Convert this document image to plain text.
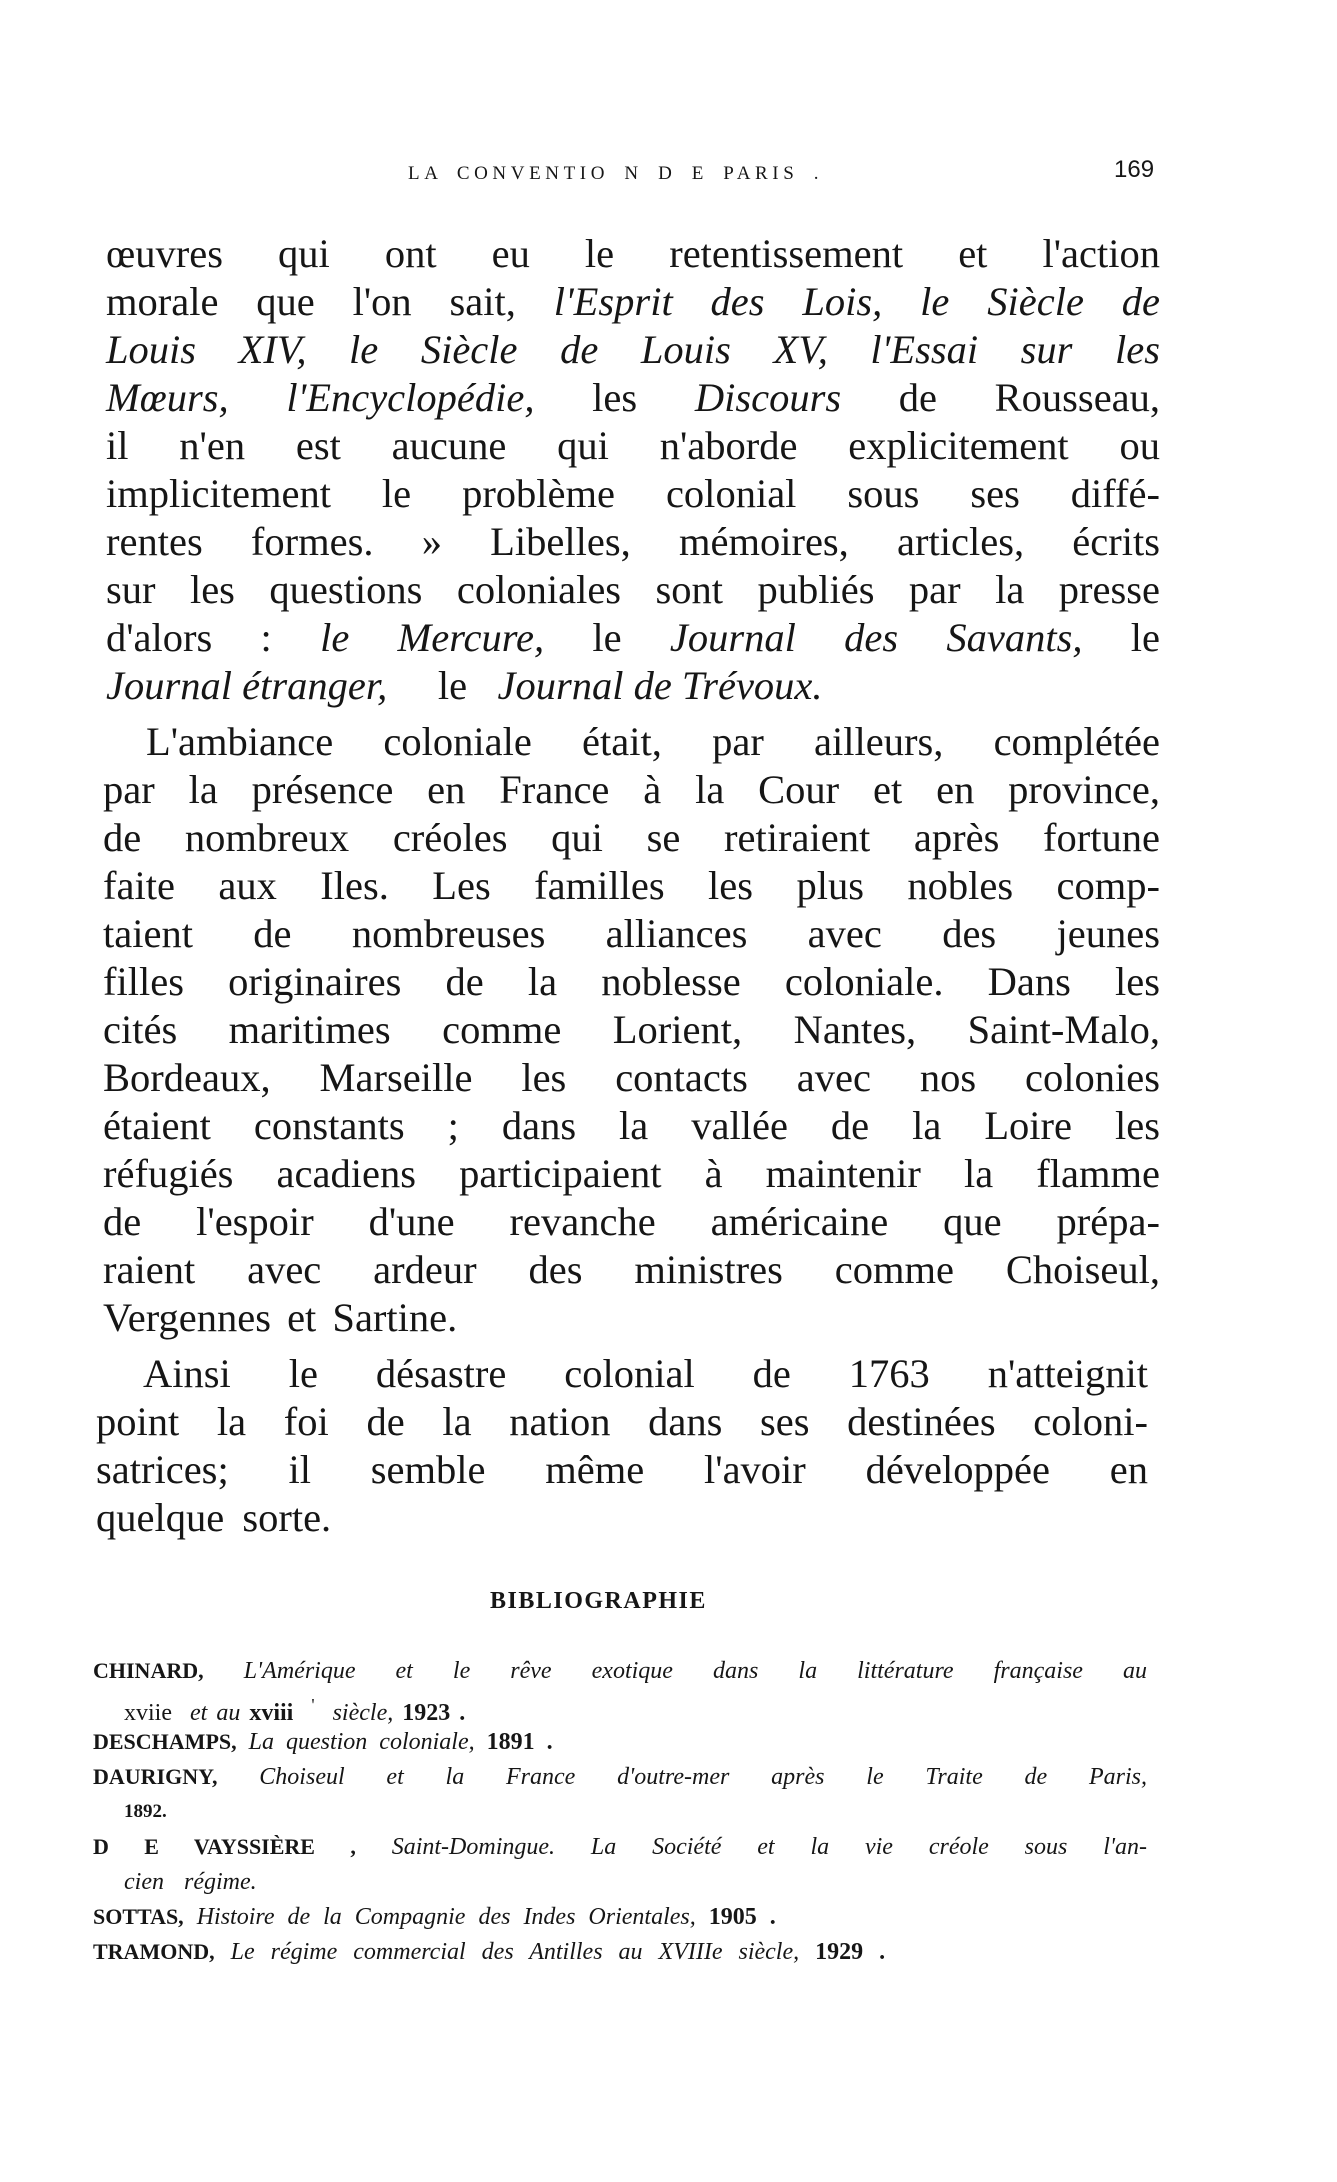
LA CONVENTIO N D E PARIS .	169
œuvres qui ont eu le retentissement et l'action
morale que l'on sait, l'Esprit des Lois, le Siècle de
Louis XIV, le Siècle de Louis XV, l'Essai sur les
Mœurs, l'Encyclopédie, les Discours de Rousseau,
il n'en est aucune qui n'aborde explicitement ou
implicitement le problème colonial sous ses diffé-
rentes formes. » Libelles, mémoires, articles, écrits
sur les questions coloniales sont publiés par la presse
d'alors : le Mercure, le Journal des Savants, le
Journal étranger, le Journal de Trévoux.
L'ambiance coloniale était, par ailleurs, complétée
par la présence en France à la Cour et en province,
de nombreux créoles qui se retiraient après fortune
faite aux Iles. Les familles les plus nobles comp-
taient de nombreuses alliances avec des jeunes
filles originaires de la noblesse coloniale. Dans les
cités maritimes comme Lorient, Nantes, Saint-Malo,
Bordeaux, Marseille les contacts avec nos colonies
étaient constants ; dans la vallée de la Loire les
réfugiés acadiens participaient à maintenir la flamme
de l'espoir d'une revanche américaine que prépa-
raient avec ardeur des ministres comme Choiseul,
Vergennes et Sartine.
Ainsi le désastre colonial de 1763 n'atteignit
point la foi de la nation dans ses destinées coloni-
satrices; il semble même l'avoir développée en
quelque sorte.
BIBLIOGRAPHIE
CHINARD, L'Amérique et le rêve exotique dans la littérature française au
xviie et au xviii ' siècle, 1923 .
DESCHAMPS, La question coloniale, 1891 .
DAURIGNY, Choiseul et la France d'outre-mer après le Traite de Paris,
1892.
D E VAYSSIÈRE , Saint-Domingue. La Société et la vie créole sous l'an-
cien régime.
SOTTAS, Histoire de la Compagnie des Indes Orientales, 1905 .
TRAMOND, Le régime commercial des Antilles au XVIIIe siècle, 1929 .
